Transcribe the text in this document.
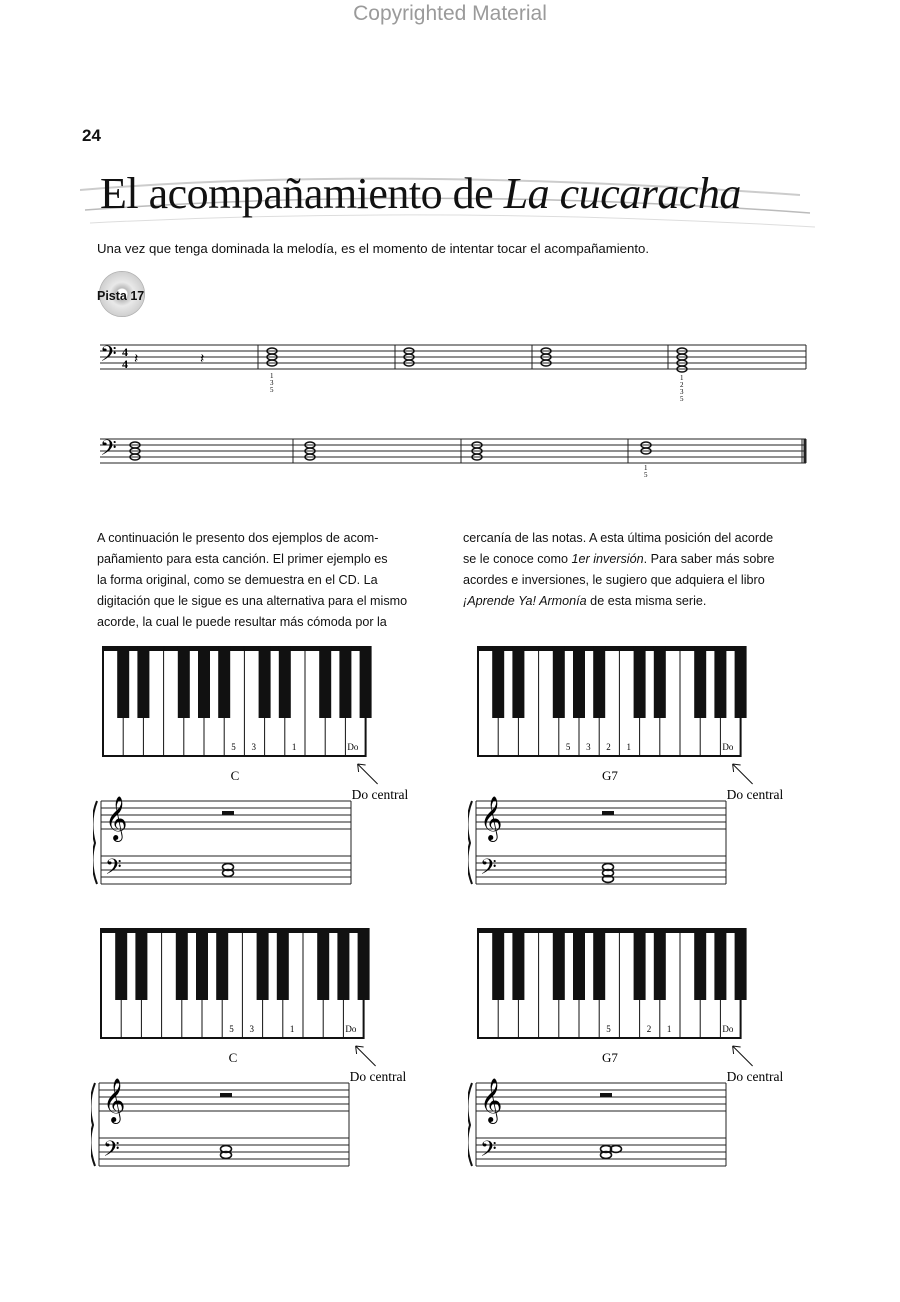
Copyrighted Material
24
El acompañamiento de La cucaracha
Una vez que tenga dominada la melodía, es el momento de intentar tocar el acompañamiento.
Pista 17
𝄢 4
4 𝄽	𝄽
1
3
5
1
2
3
5
𝄢
1
5
A continuación le presento dos ejemplos de acom-
pañamiento para esta canción. El primer ejemplo es
la forma original, como se demuestra en el CD. La
digitación que le sigue es una alternativa para el mismo
acorde, la cual le puede resultar más cómoda por la
cercanía de las notas. A esta última posición del acorde
se le conoce como 1er inversión. Para saber más sobre
acordes e inversiones, le sugiero que adquiera el libro
¡Aprende Ya! Armonía de esta misma serie.
5 3	1	Do
C
Do central
𝄞
𝄢
5 3 2 1	Do
G7
Do central
𝄞
𝄢
5 3	1	Do
C
Do central
𝄞
𝄢
5	2 1	Do
G7
Do central
𝄞
𝄢
